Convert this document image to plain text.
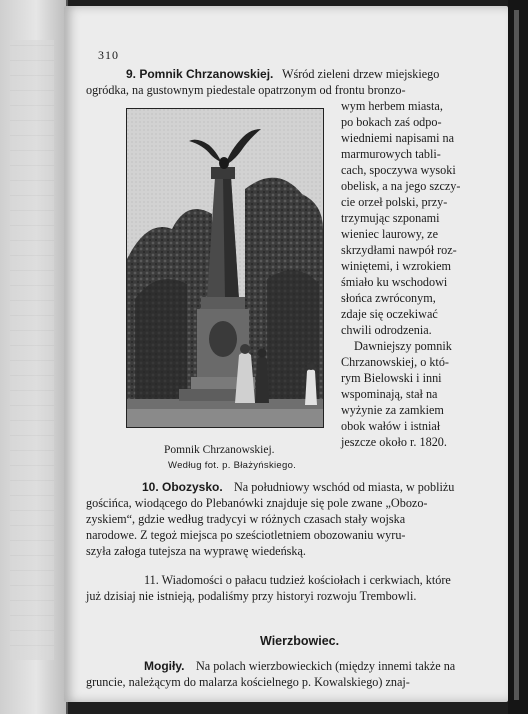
310
9. Pomnik Chrzanowskiej. Wśród zieleni drzew miejskiego
ogródka, na gustownym piedestale opatrzonym od frontu bronzo-
wym herbem miasta,
po bokach zaś odpo-
wiedniemi napisami na
marmurowych tabli-
cach, spoczywa wysoki
obelisk, a na jego szczy-
cie orzeł polski, przy-
trzymując szponami
wieniec laurowy, ze
skrzydłami nawpół roz-
winiętemi, i wzrokiem
śmiało ku wschodowi
słońca zwróconym,
zdaje się oczekiwać
chwili odrodzenia.
Dawniejszy pomnik
Chrzanowskiej, o któ-
rym Bielowski i inni
wspominają, stał na
wyżynie za zamkiem
obok wałów i istniał
jeszcze około r. 1820.
Pomnik Chrzanowskiej.
Według fot. p. Błażyńskiego.
10. Obozysko. Na południowy wschód od miasta, w pobliżu
gościńca, wiodącego do Plebanówki znajduje się pole zwane „Obozo-
zyskiem“, gdzie według tradycyi w różnych czasach stały wojska
narodowe. Z tegoż miejsca po sześciotletniem obozowaniu wyru-
szyła załoga tutejsza na wyprawę wiedeńską.
11. Wiadomości o pałacu tudzież kościołach i cerkwiach, które
już dzisiaj nie istnieją, podaliśmy przy historyi rozwoju Trembowli.
Wierzbowiec.
Mogiły. Na polach wierzbowieckich (między innemi także na
gruncie, należącym do malarza kościelnego p. Kowalskiego) znaj-
